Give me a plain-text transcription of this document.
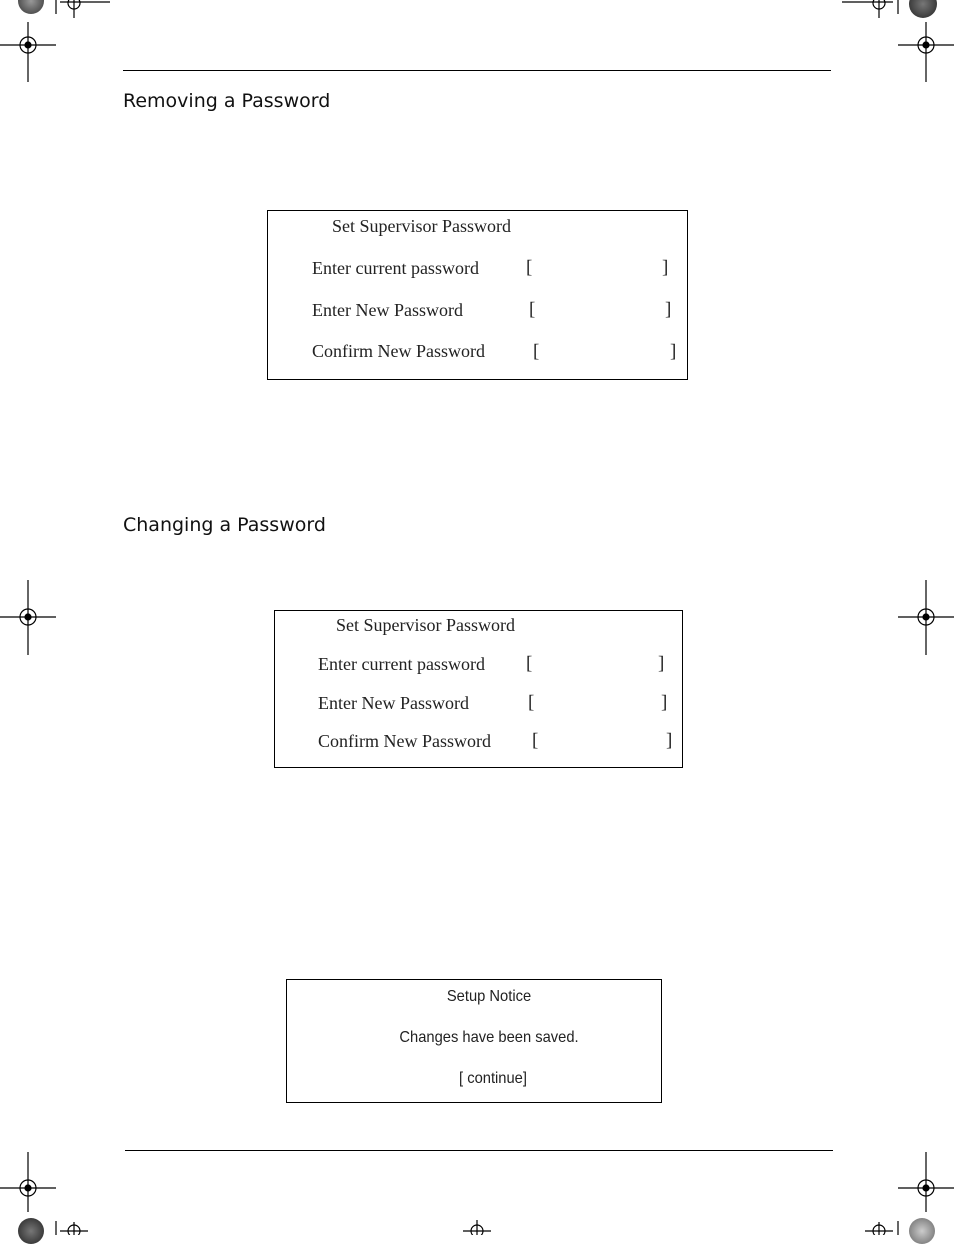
Removing a Password
Set Supervisor Password
Enter current password [	]
Enter New Password	[	]
Confirm New Password	[	]
Changing a Password
Set Supervisor Password
Enter current password [	]
Enter New Password	[	]
Confirm New Password [	]
Setup Notice
Changes have been saved.
[ continue]
